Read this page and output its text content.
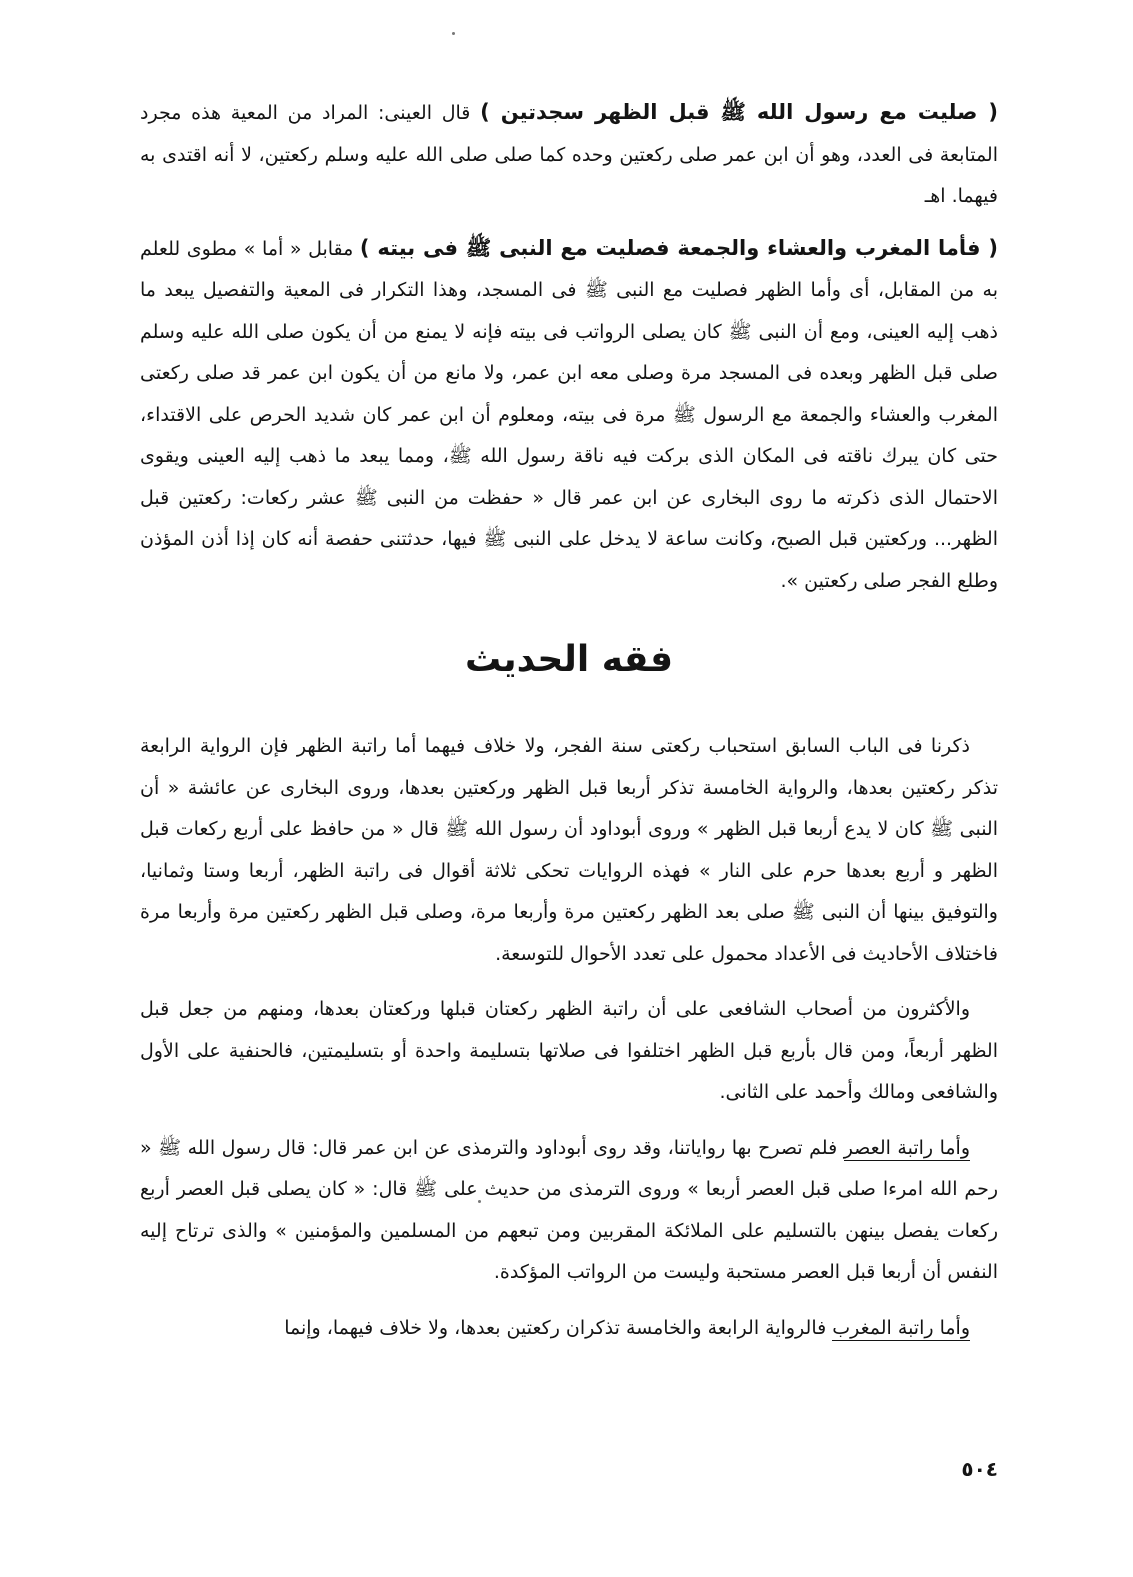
( صليت مع رسول الله ﷺ قبل الظهر سجدتين ) قال العينى: المراد من المعية هذه مجرد المتابعة فى العدد، وهو أن ابن عمر صلى ركعتين وحده كما صلى صلى الله عليه وسلم ركعتين، لا أنه اقتدى به فيهما. اهـ

( فأما المغرب والعشاء والجمعة فصليت مع النبى ﷺ فى بيته ) مقابل « أما » مطوى للعلم به من المقابل، أى وأما الظهر فصليت مع النبى ﷺ فى المسجد، وهذا التكرار فى المعية والتفصيل يبعد ما ذهب إليه العينى، ومع أن النبى ﷺ كان يصلى الرواتب فى بيته فإنه لا يمنع من أن يكون صلى الله عليه وسلم صلى قبل الظهر وبعده فى المسجد مرة وصلى معه ابن عمر، ولا مانع من أن يكون ابن عمر قد صلى ركعتى المغرب والعشاء والجمعة مع الرسول ﷺ مرة فى بيته، ومعلوم أن ابن عمر كان شديد الحرص على الاقتداء، حتى كان يبرك ناقته فى المكان الذى بركت فيه ناقة رسول الله ﷺ، ومما يبعد ما ذهب إليه العينى ويقوى الاحتمال الذى ذكرته ما روى البخارى عن ابن عمر قال « حفظت من النبى ﷺ عشر ركعات: ركعتين قبل الظهر... وركعتين قبل الصبح، وكانت ساعة لا يدخل على النبى ﷺ فيها، حدثتنى حفصة أنه كان إذا أذن المؤذن وطلع الفجر صلى ركعتين ».

فقه الحديث

ذكرنا فى الباب السابق استحباب ركعتى سنة الفجر، ولا خلاف فيهما أما راتبة الظهر فإن الرواية الرابعة تذكر ركعتين بعدها، والرواية الخامسة تذكر أربعا قبل الظهر وركعتين بعدها، وروى البخارى عن عائشة « أن النبى ﷺ كان لا يدع أربعا قبل الظهر » وروى أبوداود أن رسول الله ﷺ قال « من حافظ على أربع ركعات قبل الظهر و أربع بعدها حرم على النار » فهذه الروايات تحكى ثلاثة أقوال فى راتبة الظهر، أربعا وستا وثمانيا، والتوفيق بينها أن النبى ﷺ صلى بعد الظهر ركعتين مرة وأربعا مرة، وصلى قبل الظهر ركعتين مرة وأربعا مرة فاختلاف الأحاديث فى الأعداد محمول على تعدد الأحوال للتوسعة.

والأكثرون من أصحاب الشافعى على أن راتبة الظهر ركعتان قبلها وركعتان بعدها، ومنهم من جعل قبل الظهر أربعاً، ومن قال بأربع قبل الظهر اختلفوا فى صلاتها بتسليمة واحدة أو بتسليمتين، فالحنفية على الأول والشافعى ومالك وأحمد على الثانى.

وأما راتبة العصر فلم تصرح بها رواياتنا، وقد روى أبوداود والترمذى عن ابن عمر قال: قال رسول الله ﷺ « رحم الله امرءا صلى قبل العصر أربعا » وروى الترمذى من حديث على ﷺ قال: « كان يصلى قبل العصر أربع ركعات يفصل بينهن بالتسليم على الملائكة المقربين ومن تبعهم من المسلمين والمؤمنين » والذى ترتاح إليه النفس أن أربعا قبل العصر مستحبة وليست من الرواتب المؤكدة.

وأما راتبة المغرب فالرواية الرابعة والخامسة تذكران ركعتين بعدها، ولا خلاف فيهما، وإنما

٥٠٤
